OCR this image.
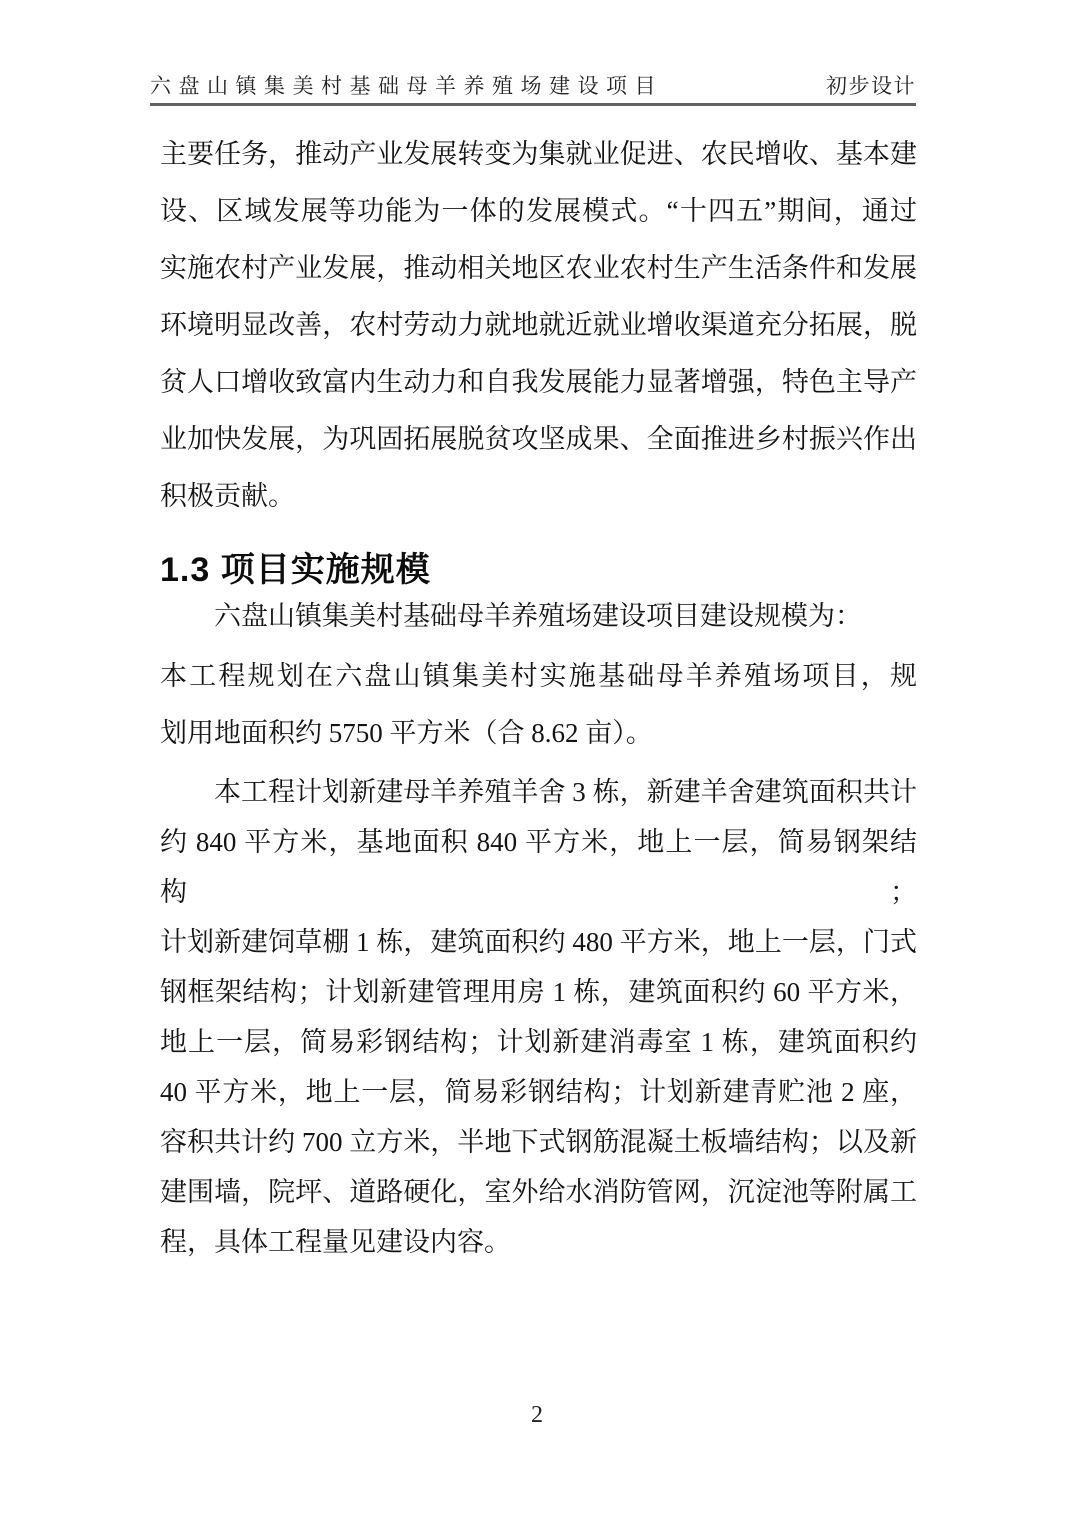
六盘山镇集美村基础母羊养殖场建设项目	初步设计
主要任务，推动产业发展转变为集就业促进、农民增收、基本建
设、区域发展等功能为一体的发展模式。“十四五”期间，通过
实施农村产业发展，推动相关地区农业农村生产生活条件和发展
环境明显改善，农村劳动力就地就近就业增收渠道充分拓展，脱
贫人口增收致富内生动力和自我发展能力显著增强，特色主导产
业加快发展，为巩固拓展脱贫攻坚成果、全面推进乡村振兴作出
积极贡献。
1.3 项目实施规模
六盘山镇集美村基础母羊养殖场建设项目建设规模为：
本工程规划在六盘山镇集美村实施基础母羊养殖场项目，规
划用地面积约 5750 平方米（合 8.62 亩）。
本工程计划新建母羊养殖羊舍 3 栋，新建羊舍建筑面积共计
约 840 平方米，基地面积 840 平方米，地上一层，简易钢架结构；
计划新建饲草棚 1 栋，建筑面积约 480 平方米，地上一层，门式
钢框架结构；计划新建管理用房 1 栋，建筑面积约 60 平方米，
地上一层，简易彩钢结构；计划新建消毒室 1 栋，建筑面积约
40 平方米，地上一层，简易彩钢结构；计划新建青贮池 2 座，
容积共计约 700 立方米，半地下式钢筋混凝土板墙结构；以及新
建围墙，院坪、道路硬化，室外给水消防管网，沉淀池等附属工
程，具体工程量见建设内容。
2
